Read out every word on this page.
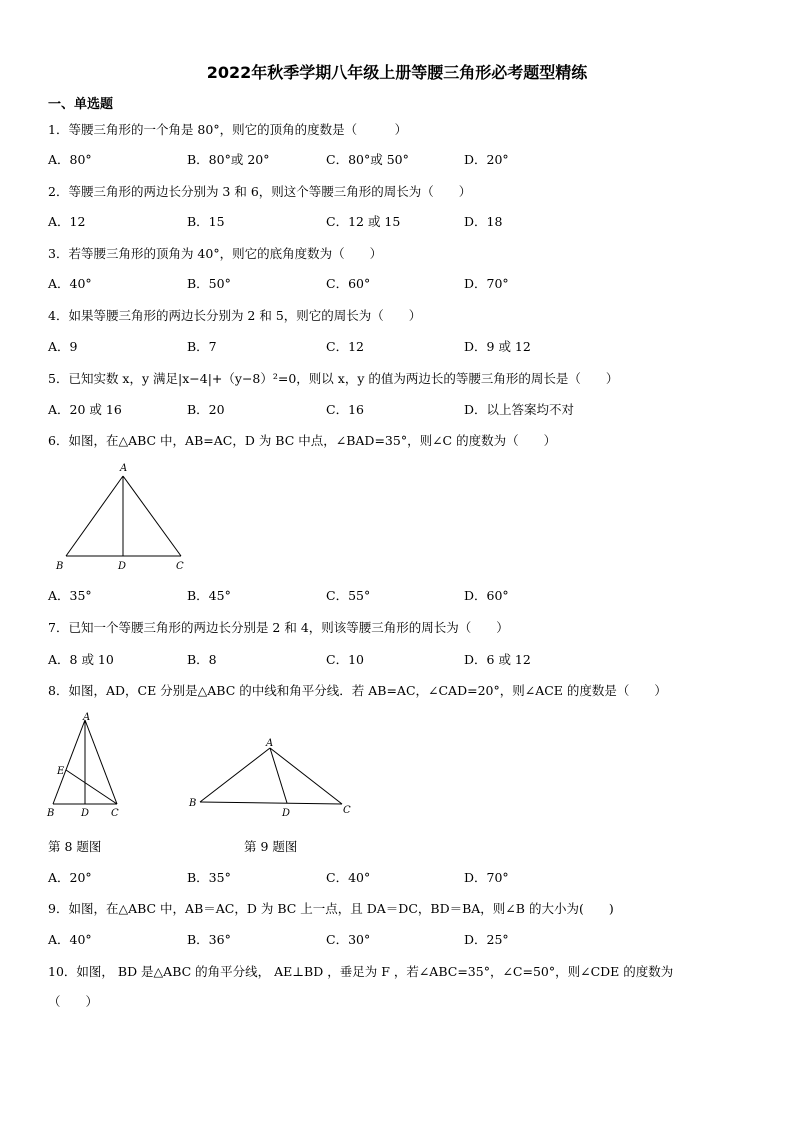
2022年秋季学期八年级上册等腰三角形必考题型精练
一、单选题
1．等腰三角形的一个角是 80°，则它的顶角的度数是（　　　）
A．80°	B．80°或 20°	C．80°或 50°	D．20°
2．等腰三角形的两边长分别为 3 和 6，则这个等腰三角形的周长为（　　）
A．12	B．15	C．12 或 15	D．18
3．若等腰三角形的顶角为 40°，则它的底角度数为（　　）
A．40°	B．50°	C．60°	D．70°
4．如果等腰三角形的两边长分别为 2 和 5，则它的周长为（　　）
A．9	B．7	C．12	D．9 或 12
5．已知实数 x，y 满足|x−4|+（y−8）²=0，则以 x，y 的值为两边长的等腰三角形的周长是（　　）
A．20 或 16	B．20	C．16	D．以上答案均不对
6．如图，在△ABC 中，AB=AC，D 为 BC 中点，∠BAD=35°，则∠C 的度数为（　　）
A
B	D	C
A．35°	B．45°	C．55°	D．60°
7．已知一个等腰三角形的两边长分别是 2 和 4，则该等腰三角形的周长为（　　）
A．8 或 10	B．8	C．10	D．6 或 12
8．如图，AD，CE 分别是△ABC 的中线和角平分线．若 AB=AC，∠CAD=20°，则∠ACE 的度数是（　　）
A
E
B	D C
A
B
D	C
第 8 题图	第 9 题图
A．20°	B．35°	C．40°	D．70°
9．如图，在△ABC 中，AB＝AC，D 为 BC 上一点，且 DA＝DC，BD＝BA，则∠B 的大小为(　　)
A．40°	B．36°	C．30°	D．25°
10．如图， BD 是△ABC 的角平分线， AE⊥BD ，垂足为 F ，若∠ABC=35°，∠C=50°，则∠CDE 的度数为
（　　）
